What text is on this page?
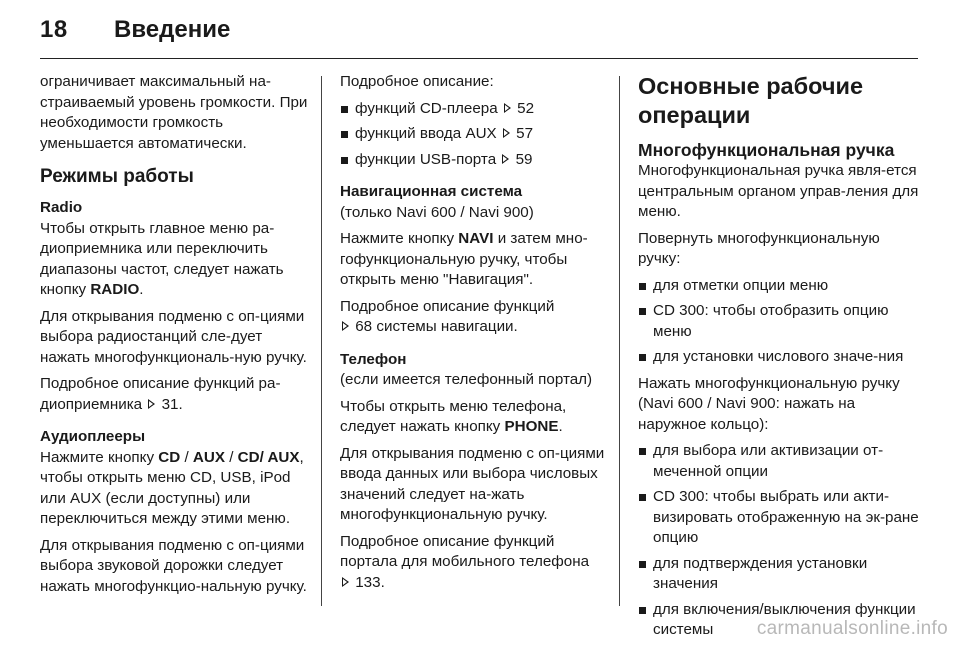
18 Введение

ограничивает максимальный на-страиваемый уровень громкости. При необходимости громкость уменьшается автоматически.

Режимы работы
Radio

Чтобы открыть главное меню ра-диоприемника или переключить диапазоны частот, следует нажать кнопку RADIO.

Для открывания подменю с оп-циями выбора радиостанций сле-дует нажать многофункциональ-ную ручку.

Подробное описание функций ра-диоприемника 31.

Аудиоплееры

Нажмите кнопку CD / AUX / CD/ AUX, чтобы открыть меню CD, USB, iPod или AUX (если доступны) или переключиться между этими меню.

Для открывания подменю с оп-циями выбора звуковой дорожки следует нажать многофункцио-нальную ручку.

Подробное описание:

функций CD-плеера 52
функций ввода AUX 57
функции USB-порта 59
Навигационная система

(только Navi 600 / Navi 900)

Нажмите кнопку NAVI и затем мно-гофункциональную ручку, чтобы открыть меню "Навигация".

Подробное описание функций
68 системы навигации.

Телефон

(если имеется телефонный портал)

Чтобы открыть меню телефона, следует нажать кнопку PHONE.

Для открывания подменю с оп-циями ввода данных или выбора числовых значений следует на-жать многофункциональную ручку.

Подробное описание функций портала для мобильного телефона
133.

Основные рабочие операции
Многофункциональная ручка

Многофункциональная ручка явля-ется центральным органом управ-ления для меню.

Повернуть многофункциональную ручку:

для отметки опции меню
CD 300: чтобы отобразить опцию меню
для установки числового значе-ния

Нажать многофункциональную ручку (Navi 600 / Navi 900: нажать на наружное кольцо):

для выбора или активизации от-меченной опции
CD 300: чтобы выбрать или акти-визировать отображенную на эк-ране опцию
для подтверждения установки значения
для включения/выключения функции системы	carmanualsonline.info
